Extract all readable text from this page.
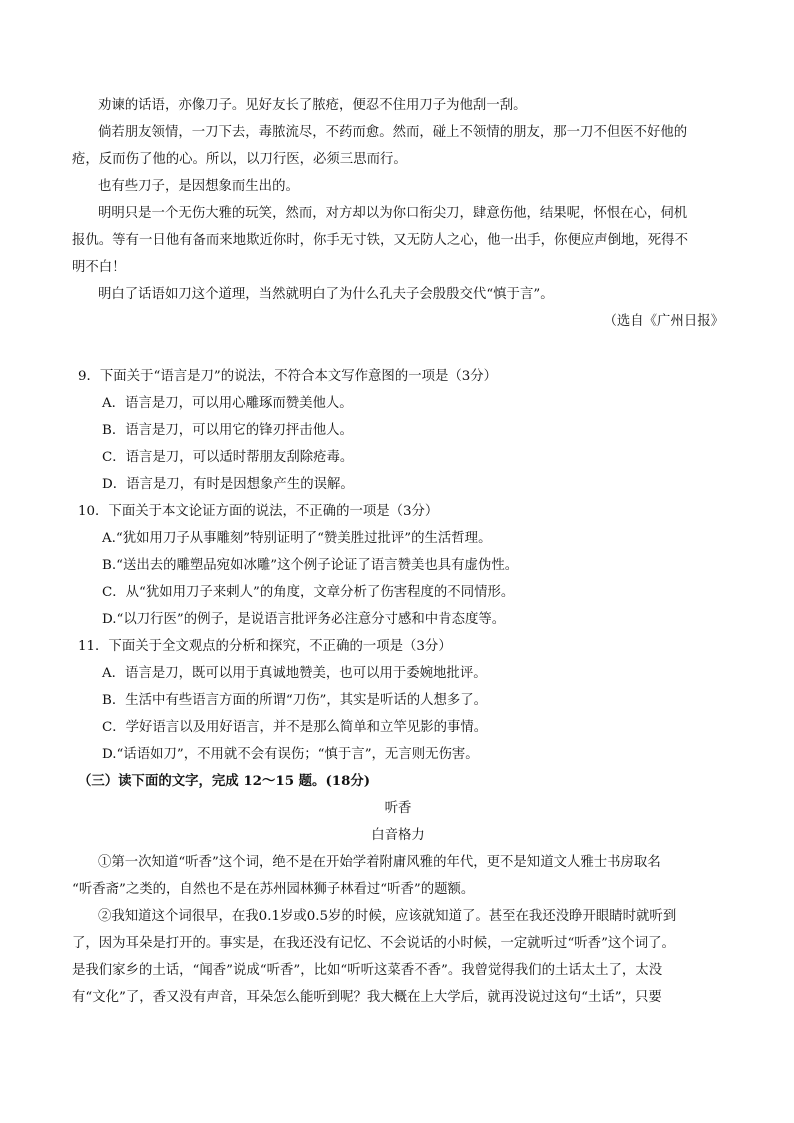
劝谏的话语，亦像刀子。见好友长了脓疮，便忍不住用刀子为他刮一刮。
倘若朋友领情，一刀下去，毒脓流尽，不药而愈。然而，碰上不领情的朋友，那一刀不但医不好他的
疮，反而伤了他的心。所以，以刀行医，必须三思而行。
也有些刀子，是因想象而生出的。
明明只是一个无伤大雅的玩笑，然而，对方却以为你口衔尖刀，肆意伤他，结果呢，怀恨在心，伺机
报仇。等有一日他有备而来地欺近你时，你手无寸铁，又无防人之心，他一出手，你便应声倒地，死得不
明不白！
明白了话语如刀这个道理，当然就明白了为什么孔夫子会殷殷交代“慎于言”。
（选自《广州日报》
9．下面关于“语言是刀”的说法，不符合本文写作意图的一项是（3分）
A．语言是刀，可以用心雕琢而赞美他人。
B．语言是刀，可以用它的锋刃抨击他人。
C．语言是刀，可以适时帮朋友刮除疮毒。
D．语言是刀，有时是因想象产生的误解。
10．下面关于本文论证方面的说法，不正确的一项是（3分）
A.“犹如用刀子从事雕刻”特别证明了“赞美胜过批评”的生活哲理。
B.“送出去的雕塑品宛如冰雕”这个例子论证了语言赞美也具有虚伪性。
C．从“犹如用刀子来剌人”的角度，文章分析了伤害程度的不同情形。
D.“以刀行医”的例子，是说语言批评务必注意分寸感和中肯态度等。
11．下面关于全文观点的分析和探究，不正确的一项是（3分）
A．语言是刀，既可以用于真诚地赞美，也可以用于委婉地批评。
B．生活中有些语言方面的所谓“刀伤”，其实是听话的人想多了。
C．学好语言以及用好语言，并不是那么简单和立竿见影的事情。
D.“话语如刀”，不用就不会有误伤；“慎于言”，无言则无伤害。
（三）读下面的文字，完成 12～15 题。(18分)
听香
白音格力
①第一次知道“听香”这个词，绝不是在开始学着附庸风雅的年代，更不是知道文人雅士书房取名
“听香斋”之类的，自然也不是在苏州园林狮子林看过“听香”的题额。
②我知道这个词很早，在我0.1岁或0.5岁的时候，应该就知道了。甚至在我还没睁开眼睛时就听到
了，因为耳朵是打开的。事实是，在我还没有记忆、不会说话的小时候，一定就听过“听香”这个词了。
是我们家乡的土话，“闻香”说成“听香”，比如“听听这菜香不香”。我曾觉得我们的土话太土了，太没
有“文化”了，香又没有声音，耳朵怎么能听到呢？我大概在上大学后，就再没说过这句“土话”，只要
